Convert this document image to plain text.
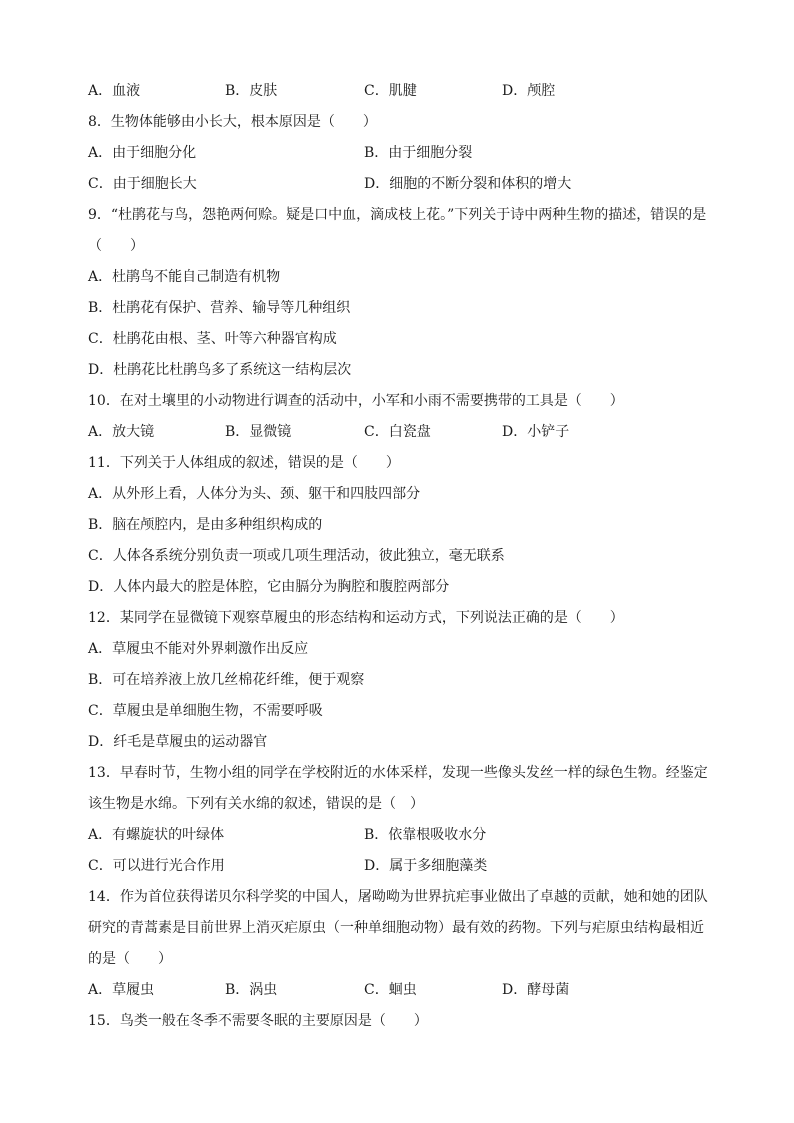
A．血液	B．皮肤	C．肌腱	D．颅腔
8．生物体能够由小长大，根本原因是（　　）
A．由于细胞分化	B．由于细胞分裂
C．由于细胞长大	D．细胞的不断分裂和体积的增大
9．“杜鹃花与鸟，怨艳两何赊。疑是口中血，滴成枝上花。”下列关于诗中两种生物的描述，错误的是
（　　）
A．杜鹃鸟不能自己制造有机物
B．杜鹃花有保护、营养、输导等几种组织
C．杜鹃花由根、茎、叶等六种器官构成
D．杜鹃花比杜鹃鸟多了系统这一结构层次
10．在对土壤里的小动物进行调查的活动中，小军和小雨不需要携带的工具是（　　）
A．放大镜	B．显微镜	C．白瓷盘	D．小铲子
11．下列关于人体组成的叙述，错误的是（　　）
A．从外形上看，人体分为头、颈、躯干和四肢四部分
B．脑在颅腔内，是由多种组织构成的
C．人体各系统分别负责一项或几项生理活动，彼此独立，毫无联系
D．人体内最大的腔是体腔，它由膈分为胸腔和腹腔两部分
12．某同学在显微镜下观察草履虫的形态结构和运动方式，下列说法正确的是（　　）
A．草履虫不能对外界刺激作出反应
B．可在培养液上放几丝棉花纤维，便于观察
C．草履虫是单细胞生物，不需要呼吸
D．纤毛是草履虫的运动器官
13．早春时节，生物小组的同学在学校附近的水体采样，发现一些像头发丝一样的绿色生物。经鉴定
该生物是水绵。下列有关水绵的叙述，错误的是（　）
A．有螺旋状的叶绿体	B．依靠根吸收水分
C．可以进行光合作用	D．属于多细胞藻类
14．作为首位获得诺贝尔科学奖的中国人，屠呦呦为世界抗疟事业做出了卓越的贡献，她和她的团队
研究的青蒿素是目前世界上消灭疟原虫（一种单细胞动物）最有效的药物。下列与疟原虫结构最相近
的是（　　）
A．草履虫	B．涡虫	C．蛔虫	D．酵母菌
15．鸟类一般在冬季不需要冬眠的主要原因是（　　）
